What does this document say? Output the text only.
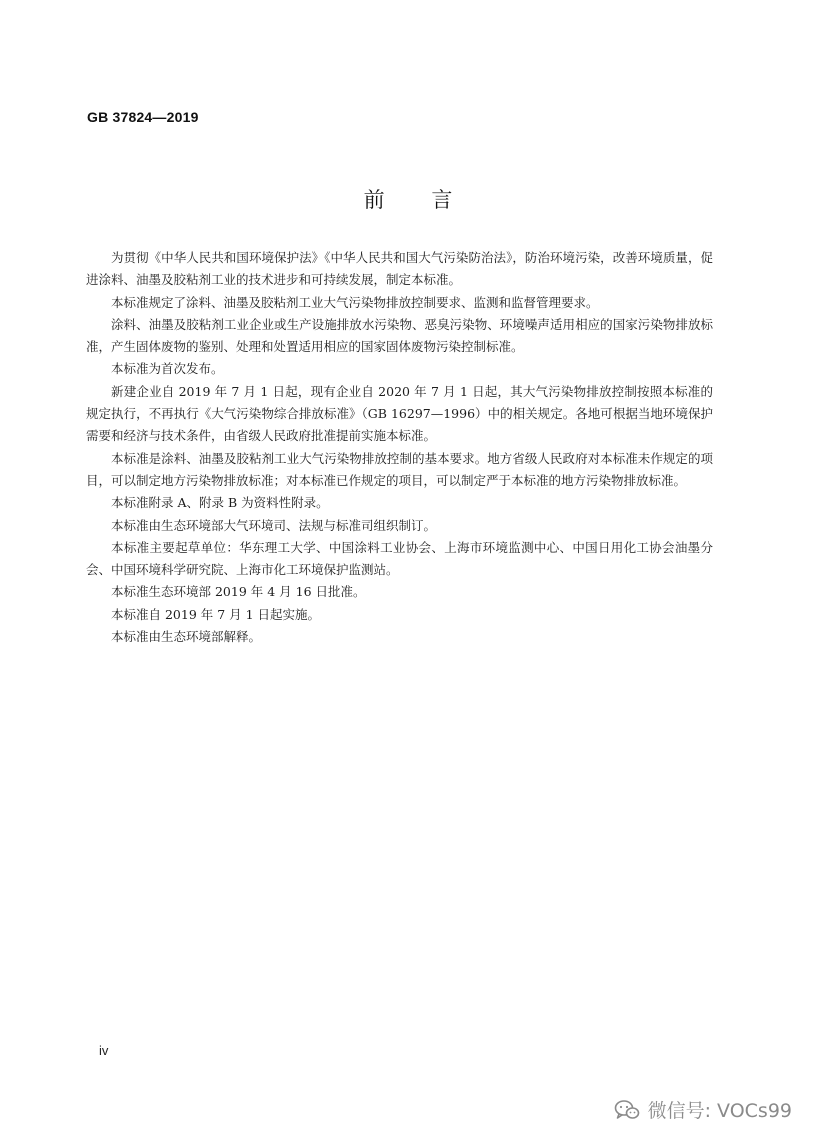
GB 37824—2019
前 言

为贯彻《中华人民共和国环境保护法》《中华人民共和国大气污染防治法》，防治环境污染，改善环境质量，促进涂料、油墨及胶粘剂工业的技术进步和可持续发展，制定本标准。

本标准规定了涂料、油墨及胶粘剂工业大气污染物排放控制要求、监测和监督管理要求。

涂料、油墨及胶粘剂工业企业或生产设施排放水污染物、恶臭污染物、环境噪声适用相应的国家污染物排放标准，产生固体废物的鉴别、处理和处置适用相应的国家固体废物污染控制标准。

本标准为首次发布。

新建企业自 2019 年 7 月 1 日起，现有企业自 2020 年 7 月 1 日起，其大气污染物排放控制按照本标准的规定执行，不再执行《大气污染物综合排放标准》（GB 16297—1996）中的相关规定。各地可根据当地环境保护需要和经济与技术条件，由省级人民政府批准提前实施本标准。

本标准是涂料、油墨及胶粘剂工业大气污染物排放控制的基本要求。地方省级人民政府对本标准未作规定的项目，可以制定地方污染物排放标准；对本标准已作规定的项目，可以制定严于本标准的地方污染物排放标准。

本标准附录 A、附录 B 为资料性附录。

本标准由生态环境部大气环境司、法规与标准司组织制订。

本标准主要起草单位：华东理工大学、中国涂料工业协会、上海市环境监测中心、中国日用化工协会油墨分会、中国环境科学研究院、上海市化工环境保护监测站。

本标准生态环境部 2019 年 4 月 16 日批准。

本标准自 2019 年 7 月 1 日起实施。

本标准由生态环境部解释。

iv
微信号: VOCs99
